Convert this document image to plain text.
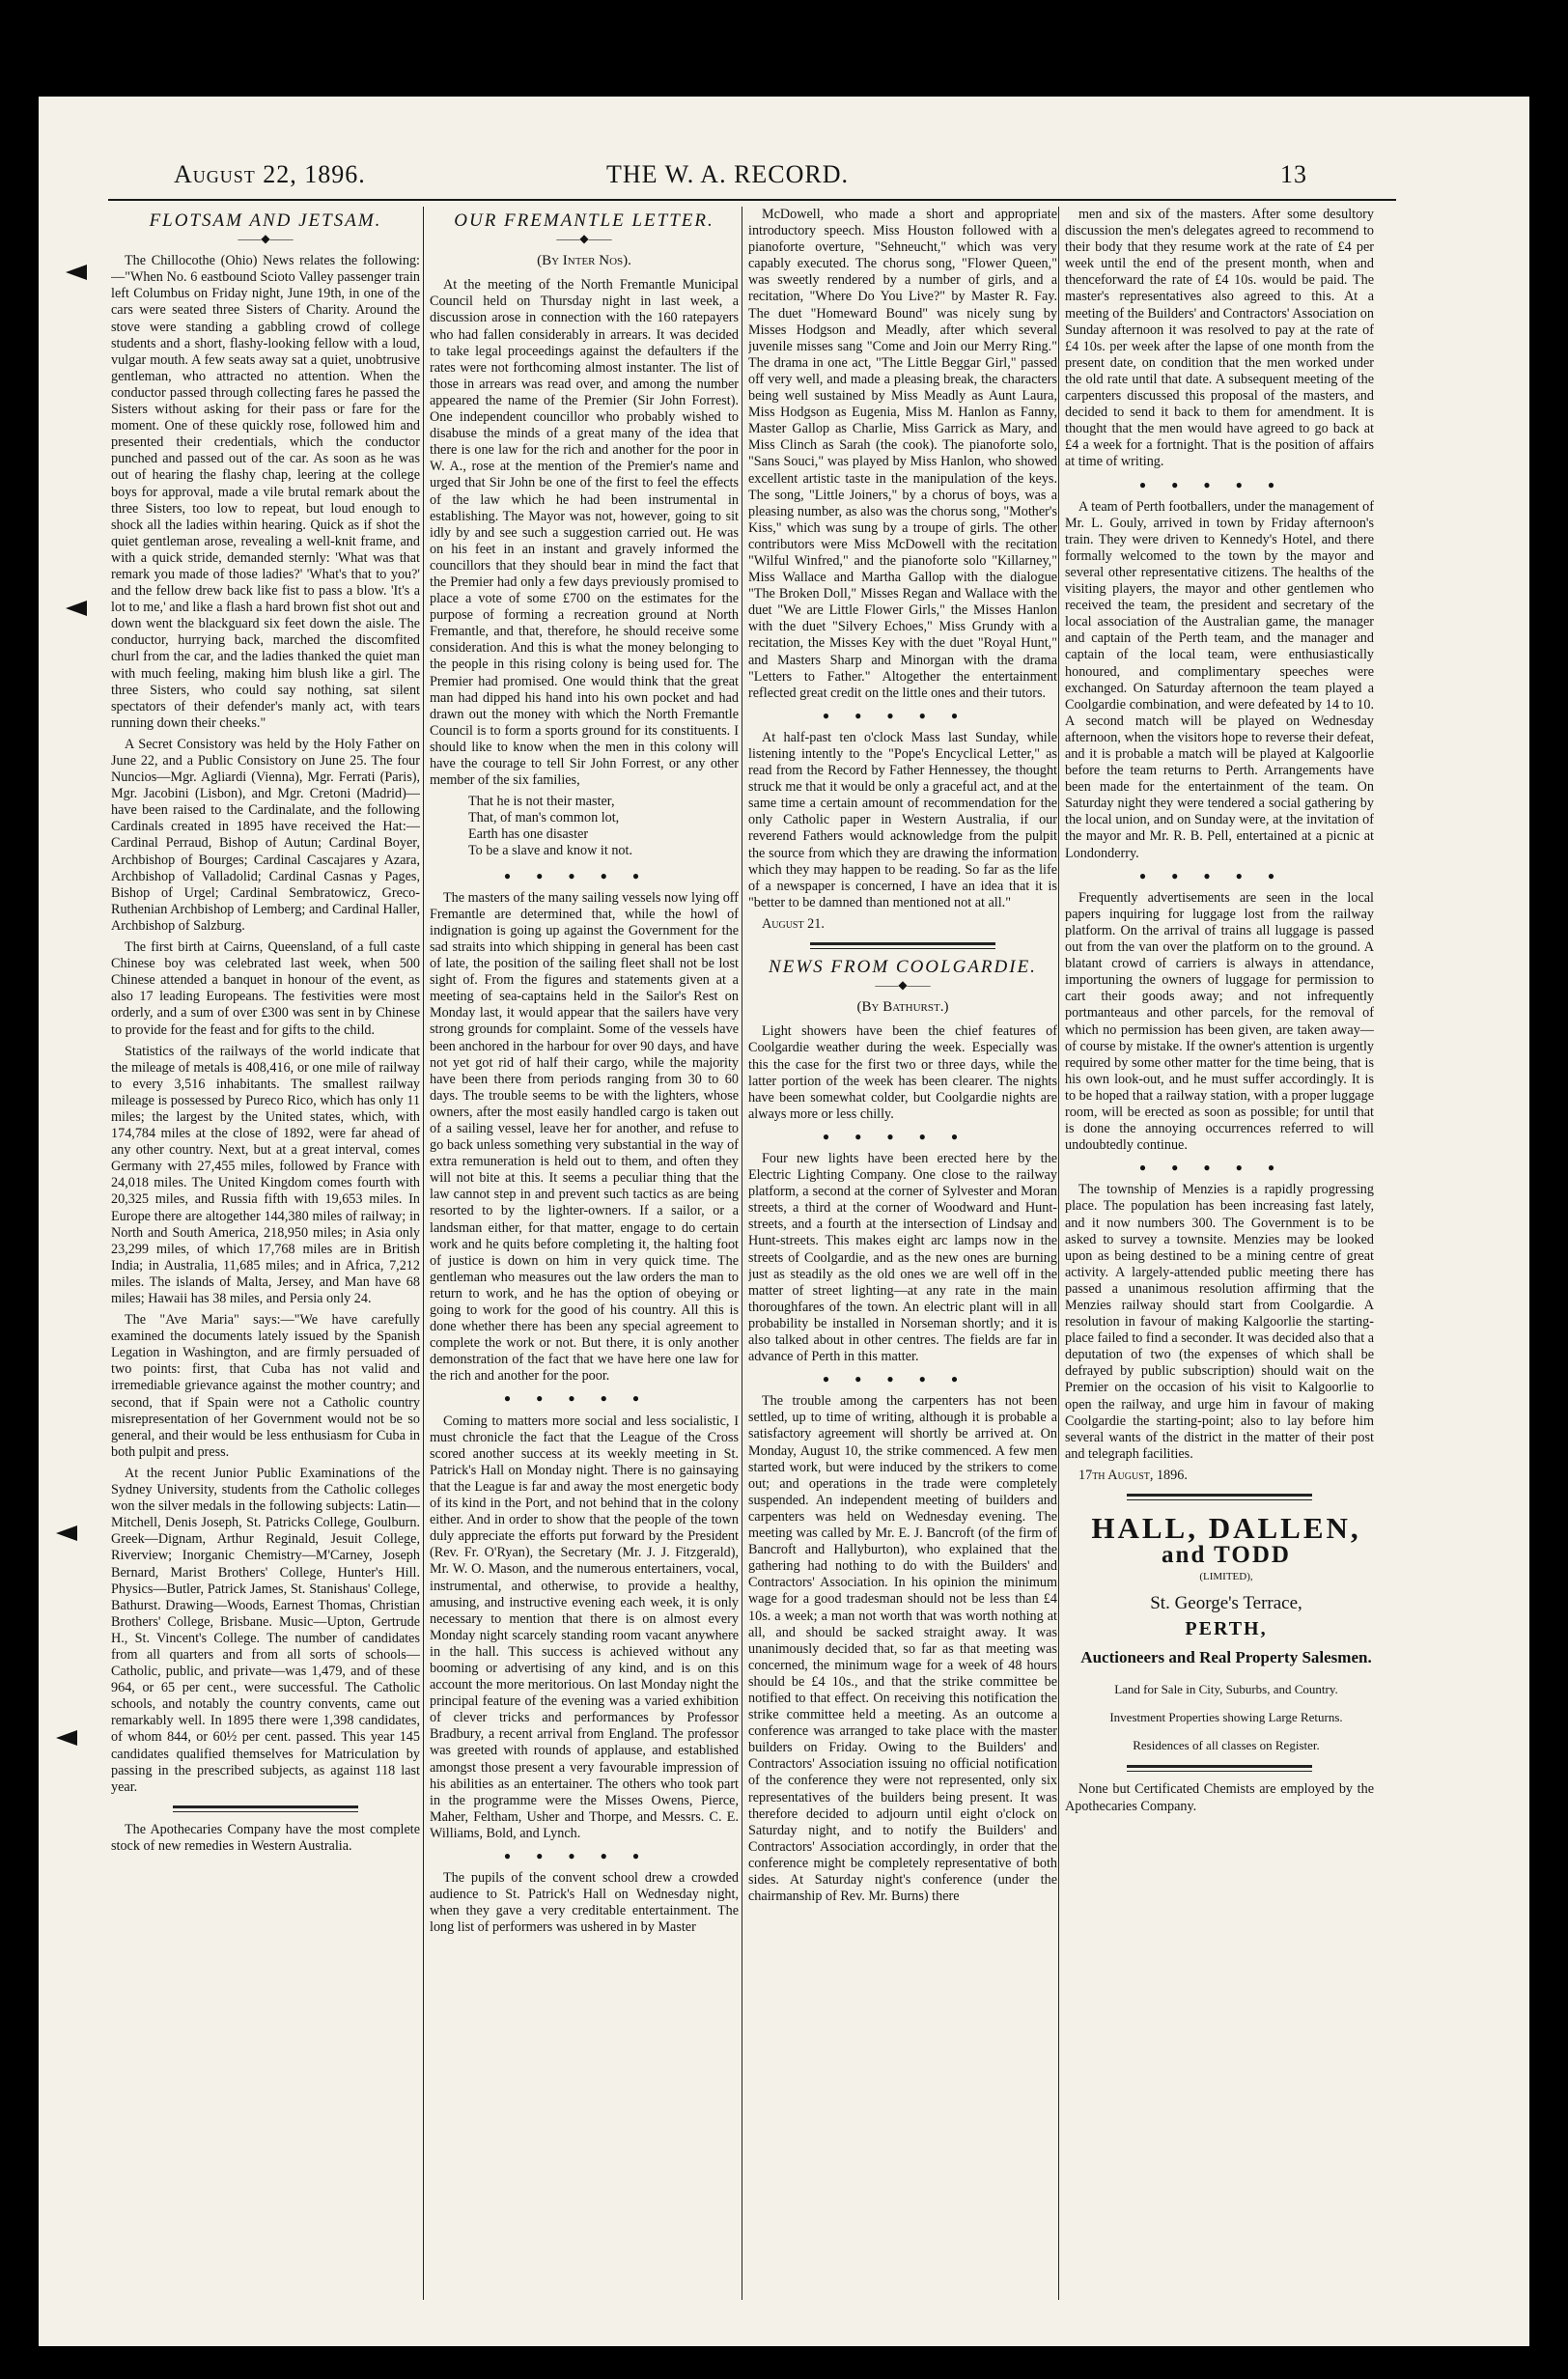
August 22, 1896.	THE W. A. RECORD.	13
FLOTSAM AND JETSAM.
——◆——

The Chillocothe (Ohio) News relates the following:—"When No. 6 eastbound Scioto Valley passenger train left Columbus on Friday night, June 19th, in one of the cars were seated three Sisters of Charity. Around the stove were standing a gabbling crowd of college students and a short, flashy-looking fellow with a loud, vulgar mouth. A few seats away sat a quiet, unobtrusive gentleman, who attracted no attention. When the conductor passed through collecting fares he passed the Sisters without asking for their pass or fare for the moment. One of these quickly rose, followed him and presented their credentials, which the conductor punched and passed out of the car. As soon as he was out of hearing the flashy chap, leering at the college boys for approval, made a vile brutal remark about the three Sisters, too low to repeat, but loud enough to shock all the ladies within hearing. Quick as if shot the quiet gentleman arose, revealing a well-knit frame, and with a quick stride, demanded sternly: 'What was that remark you made of those ladies?' 'What's that to you?' and the fellow drew back like fist to pass a blow. 'It's a lot to me,' and like a flash a hard brown fist shot out and down went the blackguard six feet down the aisle. The conductor, hurrying back, marched the discomfited churl from the car, and the ladies thanked the quiet man with much feeling, making him blush like a girl. The three Sisters, who could say nothing, sat silent spectators of their defender's manly act, with tears running down their cheeks."

A Secret Consistory was held by the Holy Father on June 22, and a Public Consistory on June 25. The four Nuncios—Mgr. Agliardi (Vienna), Mgr. Ferrati (Paris), Mgr. Jacobini (Lisbon), and Mgr. Cretoni (Madrid)—have been raised to the Cardinalate, and the following Cardinals created in 1895 have received the Hat:—Cardinal Perraud, Bishop of Autun; Cardinal Boyer, Archbishop of Bourges; Cardinal Cascajares y Azara, Archbishop of Valladolid; Cardinal Casnas y Pages, Bishop of Urgel; Cardinal Sembratowicz, Greco-Ruthenian Archbishop of Lemberg; and Cardinal Haller, Archbishop of Salzburg.

The first birth at Cairns, Queensland, of a full caste Chinese boy was celebrated last week, when 500 Chinese attended a banquet in honour of the event, as also 17 leading Europeans. The festivities were most orderly, and a sum of over £300 was sent in by Chinese to provide for the feast and for gifts to the child.

Statistics of the railways of the world indicate that the mileage of metals is 408,416, or one mile of railway to every 3,516 inhabitants. The smallest railway mileage is possessed by Pureco Rico, which has only 11 miles; the largest by the United states, which, with 174,784 miles at the close of 1892, were far ahead of any other country. Next, but at a great interval, comes Germany with 27,455 miles, followed by France with 24,018 miles. The United Kingdom comes fourth with 20,325 miles, and Russia fifth with 19,653 miles. In Europe there are altogether 144,380 miles of railway; in North and South America, 218,950 miles; in Asia only 23,299 miles, of which 17,768 miles are in British India; in Australia, 11,685 miles; and in Africa, 7,212 miles. The islands of Malta, Jersey, and Man have 68 miles; Hawaii has 38 miles, and Persia only 24.

The "Ave Maria" says:—"We have carefully examined the documents lately issued by the Spanish Legation in Washington, and are firmly persuaded of two points: first, that Cuba has not valid and irremediable grievance against the mother country; and second, that if Spain were not a Catholic country misrepresentation of her Government would not be so general, and their would be less enthusiasm for Cuba in both pulpit and press.

At the recent Junior Public Examinations of the Sydney University, students from the Catholic colleges won the silver medals in the following subjects: Latin—Mitchell, Denis Joseph, St. Patricks College, Goulburn. Greek—Dignam, Arthur Reginald, Jesuit College, Riverview; Inorganic Chemistry—M'Carney, Joseph Bernard, Marist Brothers' College, Hunter's Hill. Physics—Butler, Patrick James, St. Stanishaus' College, Bathurst. Drawing—Woods, Earnest Thomas, Christian Brothers' College, Brisbane. Music—Upton, Gertrude H., St. Vincent's College. The number of candidates from all quarters and from all sorts of schools—Catholic, public, and private—was 1,479, and of these 964, or 65 per cent., were successful. The Catholic schools, and notably the country convents, came out remarkably well. In 1895 there were 1,398 candidates, of whom 844, or 60½ per cent. passed. This year 145 candidates qualified themselves for Matriculation by passing in the prescribed subjects, as against 118 last year.

The Apothecaries Company have the most complete stock of new remedies in Western Australia.

OUR FREMANTLE LETTER.
——◆——
(By Inter Nos).

At the meeting of the North Fremantle Municipal Council held on Thursday night in last week, a discussion arose in connection with the 160 ratepayers who had fallen considerably in arrears. It was decided to take legal proceedings against the defaulters if the rates were not forthcoming almost instanter. The list of those in arrears was read over, and among the number appeared the name of the Premier (Sir John Forrest). One independent councillor who probably wished to disabuse the minds of a great many of the idea that there is one law for the rich and another for the poor in W. A., rose at the mention of the Premier's name and urged that Sir John be one of the first to feel the effects of the law which he had been instrumental in establishing. The Mayor was not, however, going to sit idly by and see such a suggestion carried out. He was on his feet in an instant and gravely informed the councillors that they should bear in mind the fact that the Premier had only a few days previously promised to place a vote of some £700 on the estimates for the purpose of forming a recreation ground at North Fremantle, and that, therefore, he should receive some consideration. And this is what the money belonging to the people in this rising colony is being used for. The Premier had promised. One would think that the great man had dipped his hand into his own pocket and had drawn out the money with which the North Fremantle Council is to form a sports ground for its constituents. I should like to know when the men in this colony will have the courage to tell Sir John Forrest, or any other member of the six families,

That he is not their master,
That, of man's common lot,
Earth has one disaster
To be a slave and know it not.
●●●●●

The masters of the many sailing vessels now lying off Fremantle are determined that, while the howl of indignation is going up against the Government for the sad straits into which shipping in general has been cast of late, the position of the sailing fleet shall not be lost sight of. From the figures and statements given at a meeting of sea-captains held in the Sailor's Rest on Monday last, it would appear that the sailers have very strong grounds for complaint. Some of the vessels have been anchored in the harbour for over 90 days, and have not yet got rid of half their cargo, while the majority have been there from periods ranging from 30 to 60 days. The trouble seems to be with the lighters, whose owners, after the most easily handled cargo is taken out of a sailing vessel, leave her for another, and refuse to go back unless something very substantial in the way of extra remuneration is held out to them, and often they will not bite at this. It seems a peculiar thing that the law cannot step in and prevent such tactics as are being resorted to by the lighter-owners. If a sailor, or a landsman either, for that matter, engage to do certain work and he quits before completing it, the halting foot of justice is down on him in very quick time. The gentleman who measures out the law orders the man to return to work, and he has the option of obeying or going to work for the good of his country. All this is done whether there has been any special agreement to complete the work or not. But there, it is only another demonstration of the fact that we have here one law for the rich and another for the poor.

●●●●●

Coming to matters more social and less socialistic, I must chronicle the fact that the League of the Cross scored another success at its weekly meeting in St. Patrick's Hall on Monday night. There is no gainsaying that the League is far and away the most energetic body of its kind in the Port, and not behind that in the colony either. And in order to show that the people of the town duly appreciate the efforts put forward by the President (Rev. Fr. O'Ryan), the Secretary (Mr. J. J. Fitzgerald), Mr. W. O. Mason, and the numerous entertainers, vocal, instrumental, and otherwise, to provide a healthy, amusing, and instructive evening each week, it is only necessary to mention that there is on almost every Monday night scarcely standing room vacant anywhere in the hall. This success is achieved without any booming or advertising of any kind, and is on this account the more meritorious. On last Monday night the principal feature of the evening was a varied exhibition of clever tricks and performances by Professor Bradbury, a recent arrival from England. The professor was greeted with rounds of applause, and established amongst those present a very favourable impression of his abilities as an entertainer. The others who took part in the programme were the Misses Owens, Pierce, Maher, Feltham, Usher and Thorpe, and Messrs. C. E. Williams, Bold, and Lynch.

●●●●●

The pupils of the convent school drew a crowded audience to St. Patrick's Hall on Wednesday night, when they gave a very creditable entertainment. The long list of performers was ushered in by Master

McDowell, who made a short and appropriate introductory speech. Miss Houston followed with a pianoforte overture, "Sehneucht," which was very capably executed. The chorus song, "Flower Queen," was sweetly rendered by a number of girls, and a recitation, "Where Do You Live?" by Master R. Fay. The duet "Homeward Bound" was nicely sung by Misses Hodgson and Meadly, after which several juvenile misses sang "Come and Join our Merry Ring." The drama in one act, "The Little Beggar Girl," passed off very well, and made a pleasing break, the characters being well sustained by Miss Meadly as Aunt Laura, Miss Hodgson as Eugenia, Miss M. Hanlon as Fanny, Master Gallop as Charlie, Miss Garrick as Mary, and Miss Clinch as Sarah (the cook). The pianoforte solo, "Sans Souci," was played by Miss Hanlon, who showed excellent artistic taste in the manipulation of the keys. The song, "Little Joiners," by a chorus of boys, was a pleasing number, as also was the chorus song, "Mother's Kiss," which was sung by a troupe of girls. The other contributors were Miss McDowell with the recitation "Wilful Winfred," and the pianoforte solo "Killarney," Miss Wallace and Martha Gallop with the dialogue "The Broken Doll," Misses Regan and Wallace with the duet "We are Little Flower Girls," the Misses Hanlon with the duet "Silvery Echoes," Miss Grundy with a recitation, the Misses Key with the duet "Royal Hunt," and Masters Sharp and Minorgan with the drama "Letters to Father." Altogether the entertainment reflected great credit on the little ones and their tutors.

●●●●●

At half-past ten o'clock Mass last Sunday, while listening intently to the "Pope's Encyclical Letter," as read from the Record by Father Hennessey, the thought struck me that it would be only a graceful act, and at the same time a certain amount of recommendation for the only Catholic paper in Western Australia, if our reverend Fathers would acknowledge from the pulpit the source from which they are drawing the information which they may happen to be reading. So far as the life of a newspaper is concerned, I have an idea that it is "better to be damned than mentioned not at all."

August 21.

NEWS FROM COOLGARDIE.
——◆——
(By Bathurst.)

Light showers have been the chief features of Coolgardie weather during the week. Especially was this the case for the first two or three days, while the latter portion of the week has been clearer. The nights have been somewhat colder, but Coolgardie nights are always more or less chilly.

●●●●●

Four new lights have been erected here by the Electric Lighting Company. One close to the railway platform, a second at the corner of Sylvester and Moran streets, a third at the corner of Woodward and Hunt-streets, and a fourth at the intersection of Lindsay and Hunt-streets. This makes eight arc lamps now in the streets of Coolgardie, and as the new ones are burning just as steadily as the old ones we are well off in the matter of street lighting—at any rate in the main thoroughfares of the town. An electric plant will in all probability be installed in Norseman shortly; and it is also talked about in other centres. The fields are far in advance of Perth in this matter.

●●●●●

The trouble among the carpenters has not been settled, up to time of writing, although it is probable a satisfactory agreement will shortly be arrived at. On Monday, August 10, the strike commenced. A few men started work, but were induced by the strikers to come out; and operations in the trade were completely suspended. An independent meeting of builders and carpenters was held on Wednesday evening. The meeting was called by Mr. E. J. Bancroft (of the firm of Bancroft and Hallyburton), who explained that the gathering had nothing to do with the Builders' and Contractors' Association. In his opinion the minimum wage for a good tradesman should not be less than £4 10s. a week; a man not worth that was worth nothing at all, and should be sacked straight away. It was unanimously decided that, so far as that meeting was concerned, the minimum wage for a week of 48 hours should be £4 10s., and that the strike committee be notified to that effect. On receiving this notification the strike committee held a meeting. As an outcome a conference was arranged to take place with the master builders on Friday. Owing to the Builders' and Contractors' Association issuing no official notification of the conference they were not represented, only six representatives of the builders being present. It was therefore decided to adjourn until eight o'clock on Saturday night, and to notify the Builders' and Contractors' Association accordingly, in order that the conference might be completely representative of both sides. At Saturday night's conference (under the chairmanship of Rev. Mr. Burns) there

men and six of the masters. After some desultory discussion the men's delegates agreed to recommend to their body that they resume work at the rate of £4 per week until the end of the present month, when and thenceforward the rate of £4 10s. would be paid. The master's representatives also agreed to this. At a meeting of the Builders' and Contractors' Association on Sunday afternoon it was resolved to pay at the rate of £4 10s. per week after the lapse of one month from the present date, on condition that the men worked under the old rate until that date. A subsequent meeting of the carpenters discussed this proposal of the masters, and decided to send it back to them for amendment. It is thought that the men would have agreed to go back at £4 a week for a fortnight. That is the position of affairs at time of writing.

●●●●●

A team of Perth footballers, under the management of Mr. L. Gouly, arrived in town by Friday afternoon's train. They were driven to Kennedy's Hotel, and there formally welcomed to the town by the mayor and several other representative citizens. The healths of the visiting players, the mayor and other gentlemen who received the team, the president and secretary of the local association of the Australian game, the manager and captain of the Perth team, and the manager and captain of the local team, were enthusiastically honoured, and complimentary speeches were exchanged. On Saturday afternoon the team played a Coolgardie combination, and were defeated by 14 to 10. A second match will be played on Wednesday afternoon, when the visitors hope to reverse their defeat, and it is probable a match will be played at Kalgoorlie before the team returns to Perth. Arrangements have been made for the entertainment of the team. On Saturday night they were tendered a social gathering by the local union, and on Sunday were, at the invitation of the mayor and Mr. R. B. Pell, entertained at a picnic at Londonderry.

●●●●●

Frequently advertisements are seen in the local papers inquiring for luggage lost from the railway platform. On the arrival of trains all luggage is passed out from the van over the platform on to the ground. A blatant crowd of carriers is always in attendance, importuning the owners of luggage for permission to cart their goods away; and not infrequently portmanteaus and other parcels, for the removal of which no permission has been given, are taken away—of course by mistake. If the owner's attention is urgently required by some other matter for the time being, that is his own look-out, and he must suffer accordingly. It is to be hoped that a railway station, with a proper luggage room, will be erected as soon as possible; for until that is done the annoying occurrences referred to will undoubtedly continue.

●●●●●

The township of Menzies is a rapidly progressing place. The population has been increasing fast lately, and it now numbers 300. The Government is to be asked to survey a townsite. Menzies may be looked upon as being destined to be a mining centre of great activity. A largely-attended public meeting there has passed a unanimous resolution affirming that the Menzies railway should start from Coolgardie. A resolution in favour of making Kalgoorlie the starting-place failed to find a seconder. It was decided also that a deputation of two (the expenses of which shall be defrayed by public subscription) should wait on the Premier on the occasion of his visit to Kalgoorlie to open the railway, and urge him in favour of making Coolgardie the starting-point; also to lay before him several wants of the district in the matter of their post and telegraph facilities.

17th August, 1896.

HALL, DALLEN,

and TODD

(LIMITED),

St. George's Terrace,

PERTH,

Auctioneers and Real Property Salesmen.

Land for Sale in City, Suburbs, and Country.

Investment Properties showing Large Returns.

Residences of all classes on Register.

None but Certificated Chemists are employed by the Apothecaries Company.
